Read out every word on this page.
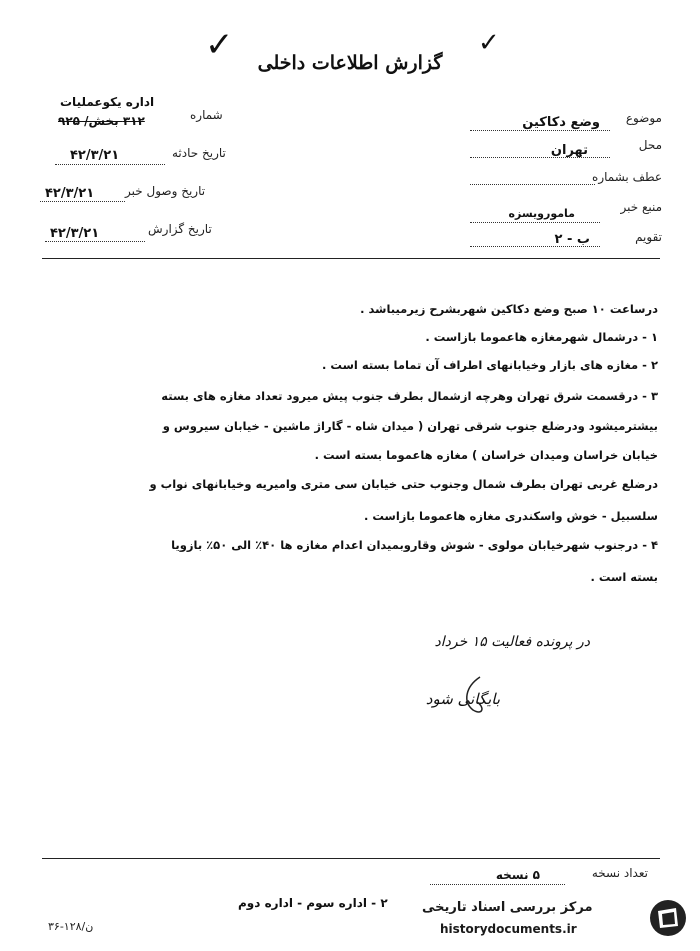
✓	✓
گزارش اطلاعات داخلی
موضوع
وضع دکاکین
محل
تهران
عطف بشماره
منبع خبر
مامورویسزه
تقویم
ب - ۲
اداره یکوعملیات
شماره
۳۱۲ بخش/ ۹۲۵
تاریخ حادثه
۴۲/۳/۲۱
تاریخ وصول خبر
۴۲/۳/۲۱
تاریخ گزارش
۴۲/۳/۲۱
درساعت ۱۰ صبح وضع دکاکین شهربشرح زیرمیباشد .
۱ - درشمال شهرمغازه هاعموما بازاست .
۲ - مغازه های بازار وخیابانهای اطراف آن تماما بسته است .
۳ - درقسمت شرق تهران وهرچه ازشمال بطرف جنوب پیش میرود تعداد مغازه های بسته
بیشترمیشود ودرضلع جنوب شرقی تهران ( میدان شاه - گاراژ ماشین - خیابان سیروس و
خیابان خراسان ومیدان خراسان ) مغازه هاعموما بسته است .
درضلع غربی تهران بطرف شمال وجنوب حتی خیابان سی متری وامیریه وخیابانهای نواب و
سلسبیل - خوش واسکندری مغازه هاعموما بازاست .
۴ - درجنوب شهرخیابان مولوی - شوش وقاروبمیدان اعدام مغازه ها ۴۰٪ الی ۵۰٪ بازویا
بسته است .
در پرونده فعالیت ۱۵ خرداد
بایگانی شود
تعداد نسخه
۵ نسخه
۲ - اداره سوم - اداره دوم
۳۶-۱۲۸/ن
مرکز بررسی اسناد تاریخی
historydocuments.ir
